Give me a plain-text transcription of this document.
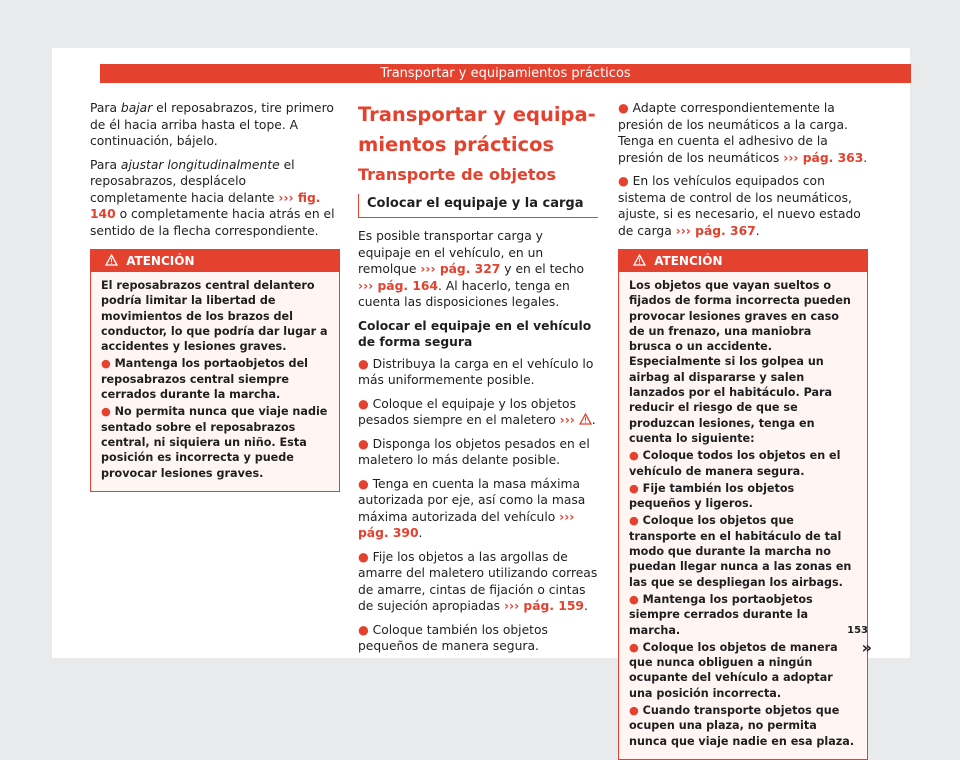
Transportar y equipamientos prácticos

Para bajar el reposabrazos, tire primero de él hacia arriba hasta el tope. A continuación, bájelo.

Para ajustar longitudinalmente el reposabrazos, desplácelo completamente hacia delante ››› fig. 140 o completamente hacia atrás en el sentido de la flecha correspondiente.

ATENCIÓN
El reposabrazos central delantero podría limitar la libertad de movimientos de los brazos del conductor, lo que podría dar lugar a accidentes y lesiones graves.
● Mantenga los portaobjetos del reposabrazos central siempre cerrados durante la marcha.
● No permita nunca que viaje nadie sentado sobre el reposabrazos central, ni siquiera un niño. Esta posición es incorrecta y puede provocar lesiones graves.
Transportar y equipamientos prácticos
Transporte de objetos
Colocar el equipaje y la carga

Es posible transportar carga y equipaje en el vehículo, en un remolque ››› pág. 327 y en el techo ››› pág. 164. Al hacerlo, tenga en cuenta las disposiciones legales.

Colocar el equipaje en el vehículo de forma segura

● Distribuya la carga en el vehículo lo más uniformemente posible.

● Coloque el equipaje y los objetos pesados siempre en el maletero ››› .

● Disponga los objetos pesados en el maletero lo más delante posible.

● Tenga en cuenta la masa máxima autorizada por eje, así como la masa máxima autorizada del vehículo ››› pág. 390.

● Fije los objetos a las argollas de amarre del maletero utilizando correas de amarre, cintas de fijación o cintas de sujeción apropiadas ››› pág. 159.

● Coloque también los objetos pequeños de manera segura.

● Adapte correspondientemente la presión de los neumáticos a la carga. Tenga en cuenta el adhesivo de la presión de los neumáticos ››› pág. 363.

● En los vehículos equipados con sistema de control de los neumáticos, ajuste, si es necesario, el nuevo estado de carga ››› pág. 367.

ATENCIÓN
Los objetos que vayan sueltos o fijados de forma incorrecta pueden provocar lesiones graves en caso de un frenazo, una maniobra brusca o un accidente. Especialmente si los golpea un airbag al dispararse y salen lanzados por el habitáculo. Para reducir el riesgo de que se produzcan lesiones, tenga en cuenta lo siguiente:
● Coloque todos los objetos en el vehículo de manera segura.
● Fije también los objetos pequeños y ligeros.
● Coloque los objetos que transporte en el habitáculo de tal modo que durante la marcha no puedan llegar nunca a las zonas en las que se despliegan los airbags.
● Mantenga los portaobjetos siempre cerrados durante la marcha.
● Coloque los objetos de manera que nunca obliguen a ningún ocupante del vehículo a adoptar una posición incorrecta.
● Cuando transporte objetos que ocupen una plaza, no permita nunca que viaje nadie en esa plaza.
»
153
